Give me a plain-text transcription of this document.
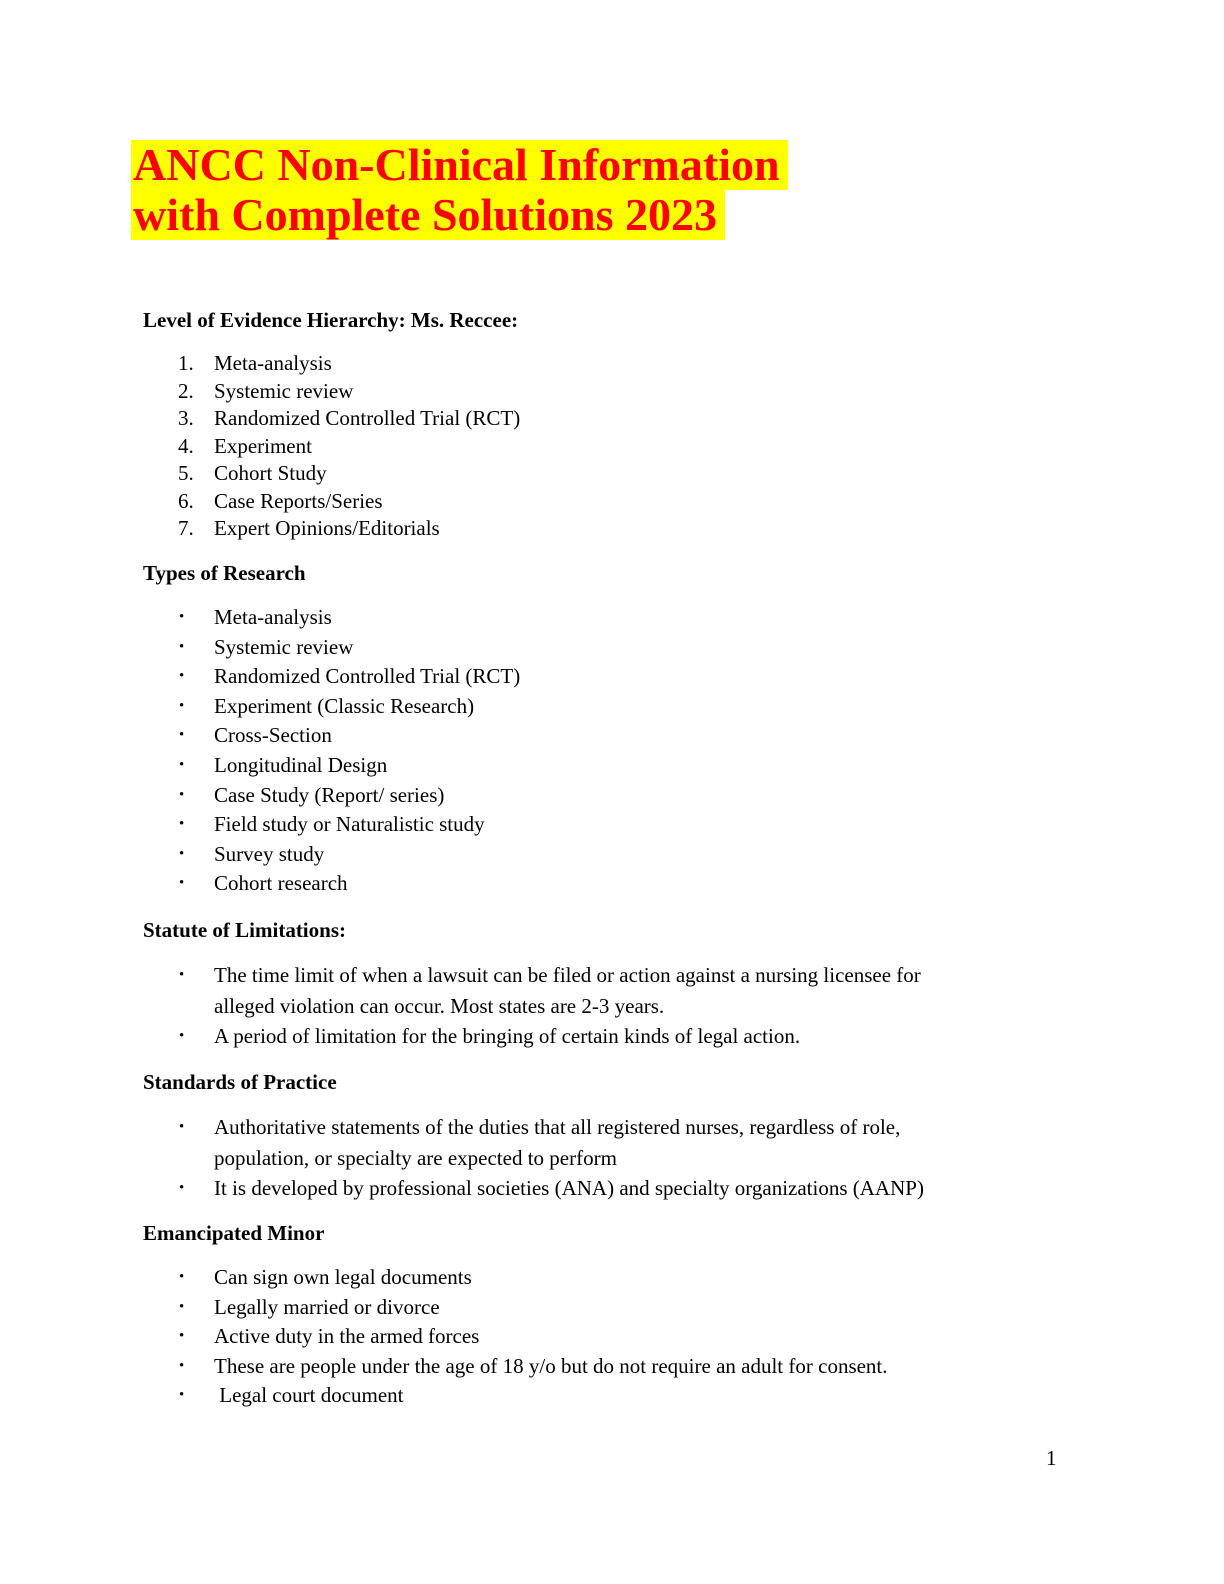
ANCC Non-Clinical Information
with Complete Solutions 2023
Level of Evidence Hierarchy: Ms. Reccee:
1. Meta-analysis
2. Systemic review
3. Randomized Controlled Trial (RCT)
4. Experiment
5. Cohort Study
6. Case Reports/Series
7. Expert Opinions/Editorials
Types of Research
• Meta-analysis
• Systemic review
• Randomized Controlled Trial (RCT)
• Experiment (Classic Research)
• Cross-Section
• Longitudinal Design
• Case Study (Report/ series)
• Field study or Naturalistic study
• Survey study
• Cohort research
Statute of Limitations:
• The time limit of when a lawsuit can be filed or action against a nursing licensee for
alleged violation can occur. Most states are 2-3 years.
• A period of limitation for the bringing of certain kinds of legal action.
Standards of Practice
• Authoritative statements of the duties that all registered nurses, regardless of role,
population, or specialty are expected to perform
• It is developed by professional societies (ANA) and specialty organizations (AANP)
Emancipated Minor
• Can sign own legal documents
• Legally married or divorce
• Active duty in the armed forces
• These are people under the age of 18 y/o but do not require an adult for consent.
• Legal court document
1
